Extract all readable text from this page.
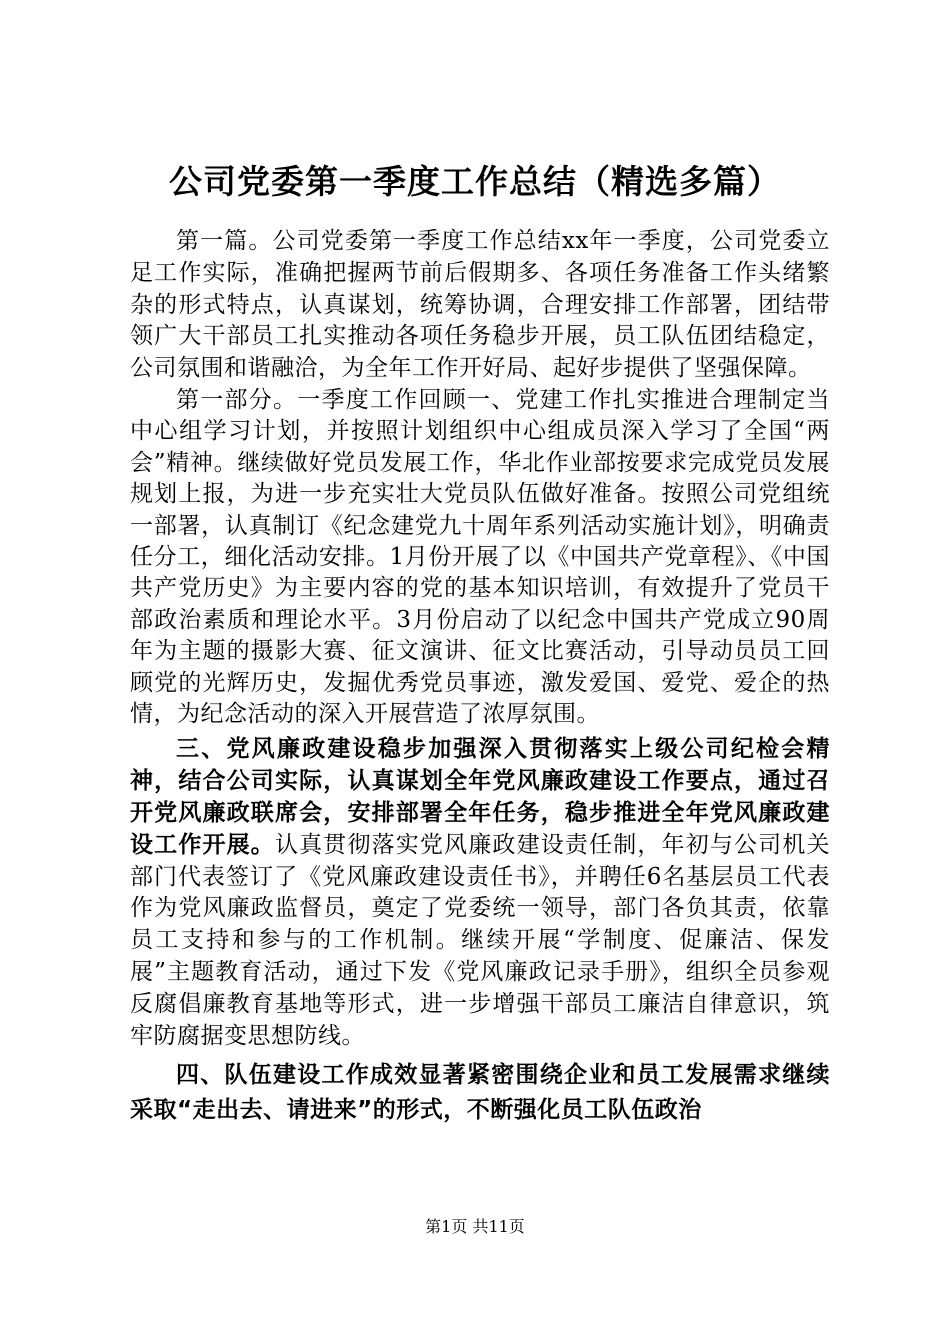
公司党委第一季度工作总结（精选多篇）

第一篇。公司党委第一季度工作总结xx年一季度，公司党委立足工作实际，准确把握两节前后假期多、各项任务准备工作头绪繁杂的形式特点，认真谋划，统筹协调，合理安排工作部署，团结带领广大干部员工扎实推动各项任务稳步开展，员工队伍团结稳定，公司氛围和谐融洽，为全年工作开好局、起好步提供了坚强保障。

第一部分。一季度工作回顾一、党建工作扎实推进合理制定当中心组学习计划，并按照计划组织中心组成员深入学习了全国“两会”精神。继续做好党员发展工作，华北作业部按要求完成党员发展规划上报，为进一步充实壮大党员队伍做好准备。按照公司党组统一部署，认真制订《纪念建党九十周年系列活动实施计划》，明确责任分工，细化活动安排。1月份开展了以《中国共产党章程》、《中国共产党历史》为主要内容的党的基本知识培训，有效提升了党员干部政治素质和理论水平。3月份启动了以纪念中国共产党成立90周年为主题的摄影大赛、征文演讲、征文比赛活动，引导动员员工回顾党的光辉历史，发掘优秀党员事迹，激发爱国、爱党、爱企的热情，为纪念活动的深入开展营造了浓厚氛围。

三、党风廉政建设稳步加强深入贯彻落实上级公司纪检会精神，结合公司实际，认真谋划全年党风廉政建设工作要点，通过召开党风廉政联席会，安排部署全年任务，稳步推进全年党风廉政建设工作开展。认真贯彻落实党风廉政建设责任制，年初与公司机关部门代表签订了《党风廉政建设责任书》，并聘任6名基层员工代表作为党风廉政监督员，奠定了党委统一领导，部门各负其责，依靠员工支持和参与的工作机制。继续开展“学制度、促廉洁、保发展”主题教育活动，通过下发《党风廉政记录手册》，组织全员参观反腐倡廉教育基地等形式，进一步增强干部员工廉洁自律意识，筑牢防腐据变思想防线。

四、队伍建设工作成效显著紧密围绕企业和员工发展需求继续采取“走出去、请进来”的形式，不断强化员工队伍政治

第1页 共11页
